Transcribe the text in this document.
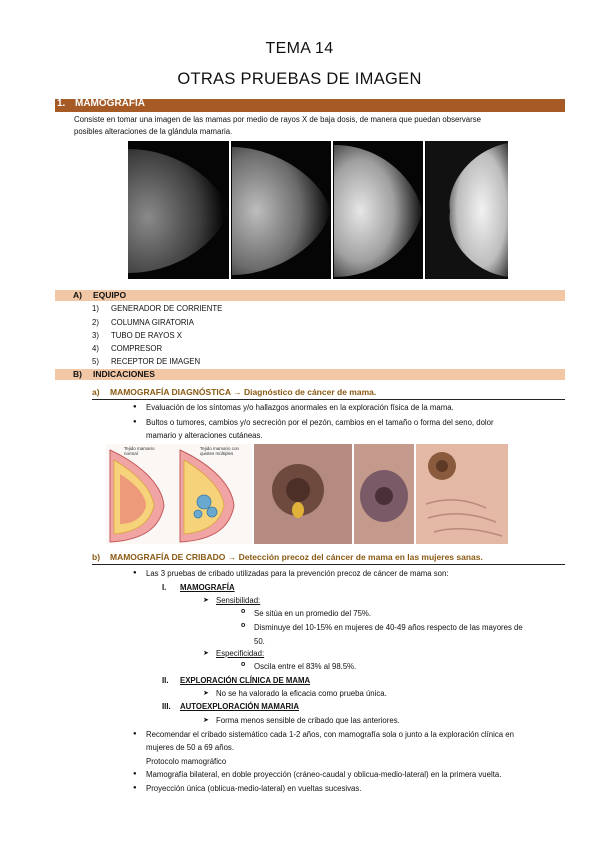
TEMA 14
OTRAS PRUEBAS DE IMAGEN
1. MAMOGRAFÍA
Consiste en tomar una imagen de las mamas por medio de rayos X de baja dosis, de manera que puedan observarse
posibles alteraciones de la glándula mamaria.
A) EQUIPO
1) GENERADOR DE CORRIENTE
2) COLUMNA GIRATORIA
3) TUBO DE RAYOS X
4) COMPRESOR
5) RECEPTOR DE IMAGEN
B) INDICACIONES
a) MAMOGRAFÍA DIAGNÓSTICA → Diagnóstico de cáncer de mama.
● Evaluación de los síntomas y/o hallazgos anormales en la exploración física de la mama.
● Bultos o tumores, cambios y/o secreción por el pezón, cambios en el tamaño o forma del seno, dolor
mamario y alteraciones cutáneas.
Tejido mamario normal
Tejido mamario con quistes múltiples
b) MAMOGRAFÍA DE CRIBADO → Detección precoz del cáncer de mama en las mujeres sanas.
● Las 3 pruebas de cribado utilizadas para la prevención precoz de cáncer de mama son:
I. MAMOGRAFÍA
➤ Sensibilidad:
o Se sitúa en un promedio del 75%.
o Disminuye del 10-15% en mujeres de 40-49 años respecto de las mayores de
50.
➤ Especificidad:
o Oscila entre el 83% al 98.5%.
II. EXPLORACIÓN CLÍNICA DE MAMA
➤ No se ha valorado la eficacia como prueba única.
III. AUTOEXPLORACIÓN MAMARIA
➤ Forma menos sensible de cribado que las anteriores.
● Recomendar el cribado sistemático cada 1-2 años, con mamografía sola o junto a la exploración clínica en
mujeres de 50 a 69 años.
Protocolo mamográfico
● Mamografía bilateral, en doble proyección (cráneo-caudal y oblicua-medio-lateral) en la primera vuelta.
● Proyección única (oblicua-medio-lateral) en vueltas sucesivas.
